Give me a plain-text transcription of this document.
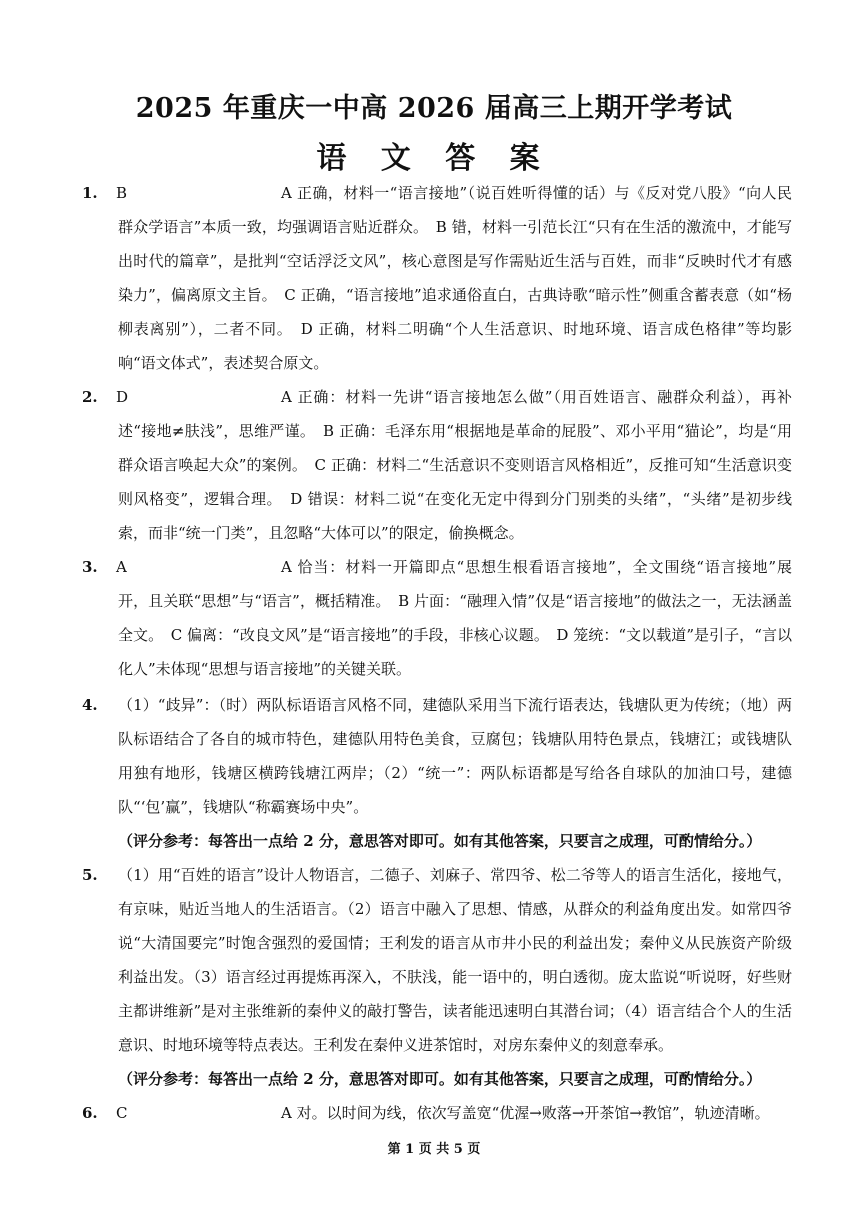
2025 年重庆一中高 2026 届高三上期开学考试
语 文 答 案
1. B	A 正确，材料一“语言接地”（说百姓听得懂的话）与《反对党八股》“向人民群众学语言”本质一致，均强调语言贴近群众。　B 错，材料一引范长江“只有在生活的激流中，才能写出时代的篇章”，是批判“空话浮泛文风”，核心意图是写作需贴近生活与百姓，而非“反映时代才有感染力”，偏离原文主旨。　C 正确，“语言接地”追求通俗直白，古典诗歌“暗示性”侧重含蓄表意（如“杨柳表离别”），二者不同。　D 正确，材料二明确“个人生活意识、时地环境、语言成色格律”等均影响“语文体式”，表述契合原文。
2. D	A 正确：材料一先讲“语言接地怎么做”（用百姓语言、融群众利益），再补述“接地≠肤浅”，思维严谨。　B 正确：毛泽东用“根据地是革命的屁股”、邓小平用“猫论”，均是“用群众语言唤起大众”的案例。　C 正确：材料二“生活意识不变则语言风格相近”，反推可知“生活意识变则风格变”，逻辑合理。　D 错误：材料二说“在变化无定中得到分门别类的头绪”，“头绪”是初步线索，而非“统一门类”，且忽略“大体可以”的限定，偷换概念。
3. A	A 恰当：材料一开篇即点“思想生根看语言接地”，全文围绕“语言接地”展开，且关联“思想”与“语言”，概括精准。　B 片面：“融理入情”仅是“语言接地”的做法之一，无法涵盖全文。　C 偏离：“改良文风”是“语言接地”的手段，非核心议题。　D 笼统：“文以载道”是引子，“言以化人”未体现“思想与语言接地”的关键关联。
4.	（1）“歧异”：（时）两队标语语言风格不同，建德队采用当下流行语表达，钱塘队更为传统；（地）两队标语结合了各自的城市特色，建德队用特色美食，豆腐包；钱塘队用特色景点，钱塘江；或钱塘队用独有地形，钱塘区横跨钱塘江两岸；（2）“统一”：两队标语都是写给各自球队的加油口号，建德队“‘包’赢”，钱塘队“称霸赛场中央”。
（评分参考：每答出一点给 2 分，意思答对即可。如有其他答案，只要言之成理，可酌情给分。）
5.	（1）用“百姓的语言”设计人物语言，二德子、刘麻子、常四爷、松二爷等人的语言生活化，接地气，有京味，贴近当地人的生活语言。（2）语言中融入了思想、情感，从群众的利益角度出发。如常四爷说“大清国要完”时饱含强烈的爱国情；王利发的语言从市井小民的利益出发；秦仲义从民族资产阶级利益出发。（3）语言经过再提炼再深入，不肤浅，能一语中的，明白透彻。庞太监说“听说呀，好些财主都讲维新”是对主张维新的秦仲义的敲打警告，读者能迅速明白其潜台词；（4）语言结合个人的生活意识、时地环境等特点表达。王利发在秦仲义进茶馆时，对房东秦仲义的刻意奉承。
（评分参考：每答出一点给 2 分，意思答对即可。如有其他答案，只要言之成理，可酌情给分。）
6. C	A 对。以时间为线，依次写盖宽“优渥→败落→开茶馆→教馆”，轨迹清晰。
第 1 页 共 5 页
